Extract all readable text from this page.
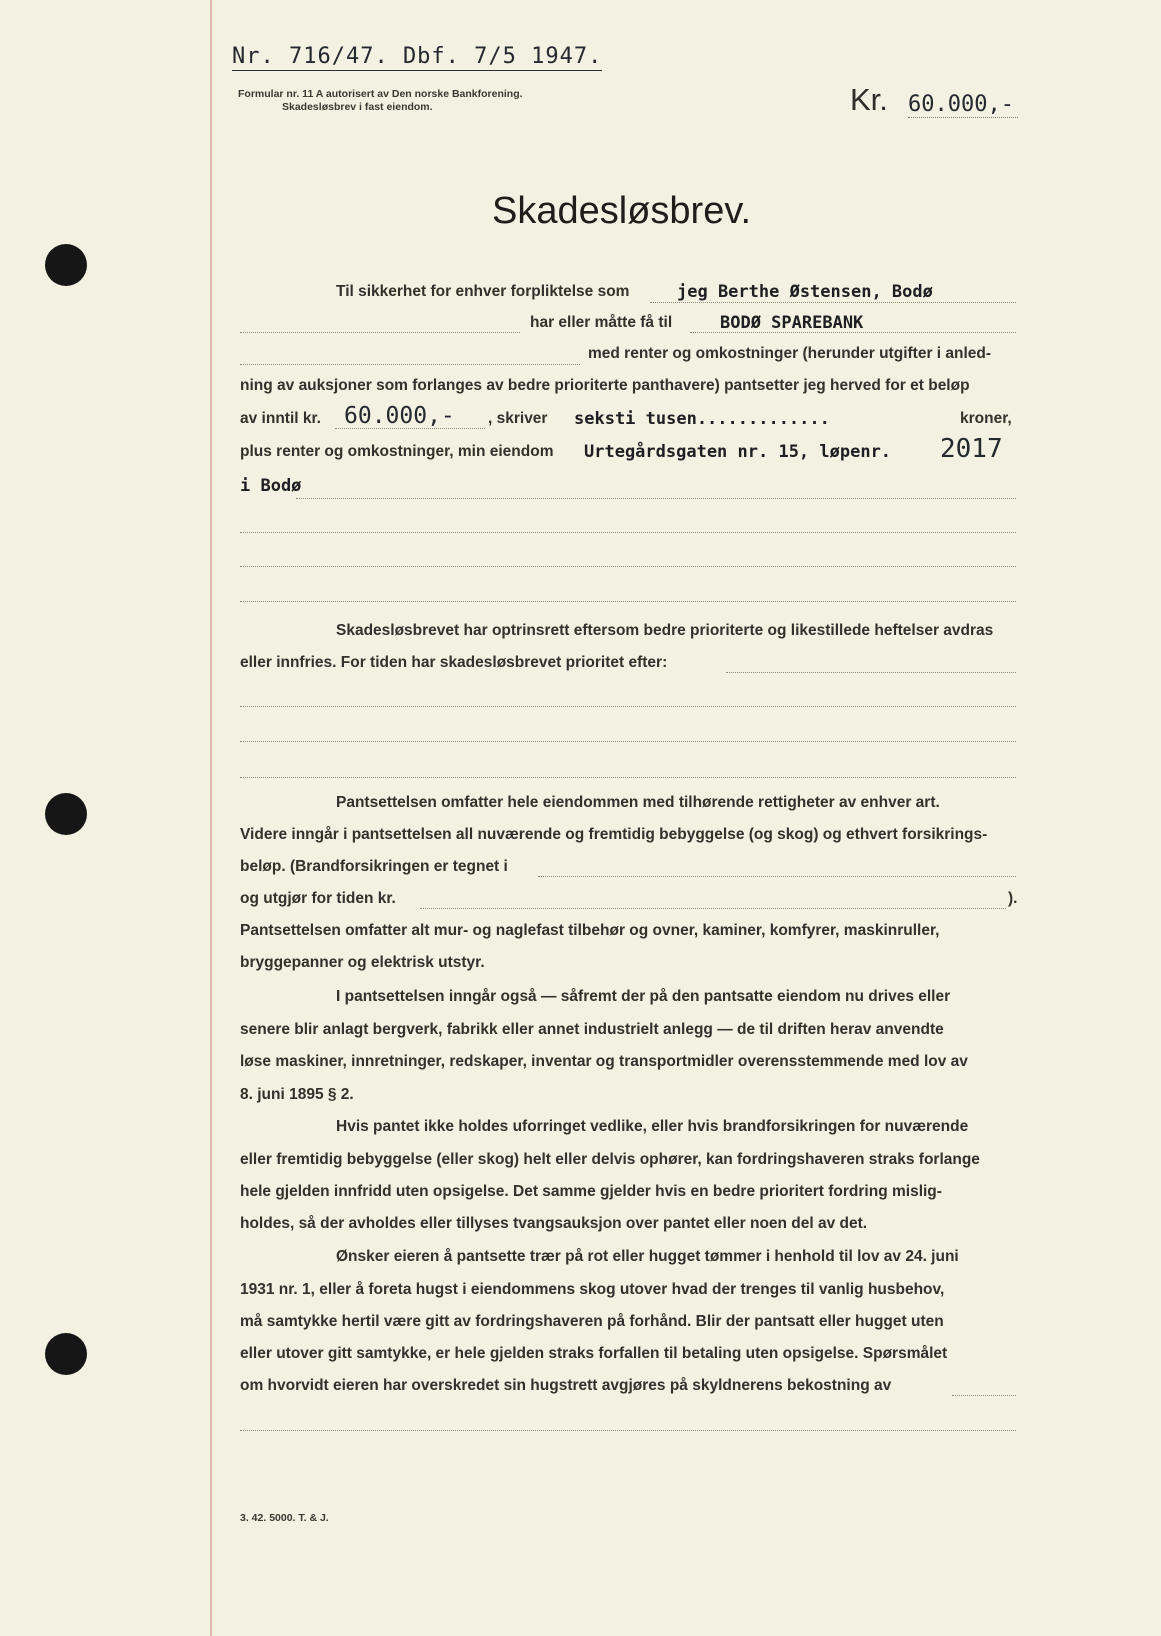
Nr. 716/47. Dbf. 7/5 1947.
Formular nr. 11 A autorisert av Den norske Bankforening.
Skadesløsbrev i fast eiendom.	Kr. 60.000,-
Skadesløsbrev.
Til sikkerhet for enhver forpliktelse som	jeg Berthe Østensen, Bodø
har eller måtte få til	BODØ SPAREBANK
med renter og omkostninger (herunder utgifter i anled-
ning av auksjoner som forlanges av bedre prioriterte panthavere) pantsetter jeg herved for et beløp
av inntil kr. 60.000,- , skriver seksti tusen.............	kroner,
plus renter og omkostninger, min eiendom Urtegårdsgaten nr. 15, løpenr. 2017
i Bodø
Skadesløsbrevet har optrinsrett eftersom bedre prioriterte og likestillede heftelser avdras
eller innfries. For tiden har skadesløsbrevet prioritet efter:
Pantsettelsen omfatter hele eiendommen med tilhørende rettigheter av enhver art.
Videre inngår i pantsettelsen all nuværende og fremtidig bebyggelse (og skog) og ethvert forsikrings-
beløp. (Brandforsikringen er tegnet i
og utgjør for tiden kr.	).
Pantsettelsen omfatter alt mur- og naglefast tilbehør og ovner, kaminer, komfyrer, maskinruller,
bryggepanner og elektrisk utstyr.
I pantsettelsen inngår også — såfremt der på den pantsatte eiendom nu drives eller
senere blir anlagt bergverk, fabrikk eller annet industrielt anlegg — de til driften herav anvendte
løse maskiner, innretninger, redskaper, inventar og transportmidler overensstemmende med lov av
8. juni 1895 § 2.
Hvis pantet ikke holdes uforringet vedlike, eller hvis brandforsikringen for nuværende
eller fremtidig bebyggelse (eller skog) helt eller delvis ophører, kan fordringshaveren straks forlange
hele gjelden innfridd uten opsigelse. Det samme gjelder hvis en bedre prioritert fordring mislig-
holdes, så der avholdes eller tillyses tvangsauksjon over pantet eller noen del av det.
Ønsker eieren å pantsette trær på rot eller hugget tømmer i henhold til lov av 24. juni
1931 nr. 1, eller å foreta hugst i eiendommens skog utover hvad der trenges til vanlig husbehov,
må samtykke hertil være gitt av fordringshaveren på forhånd. Blir der pantsatt eller hugget uten
eller utover gitt samtykke, er hele gjelden straks forfallen til betaling uten opsigelse. Spørsmålet
om hvorvidt eieren har overskredet sin hugstrett avgjøres på skyldnerens bekostning av
3. 42. 5000. T. & J.
